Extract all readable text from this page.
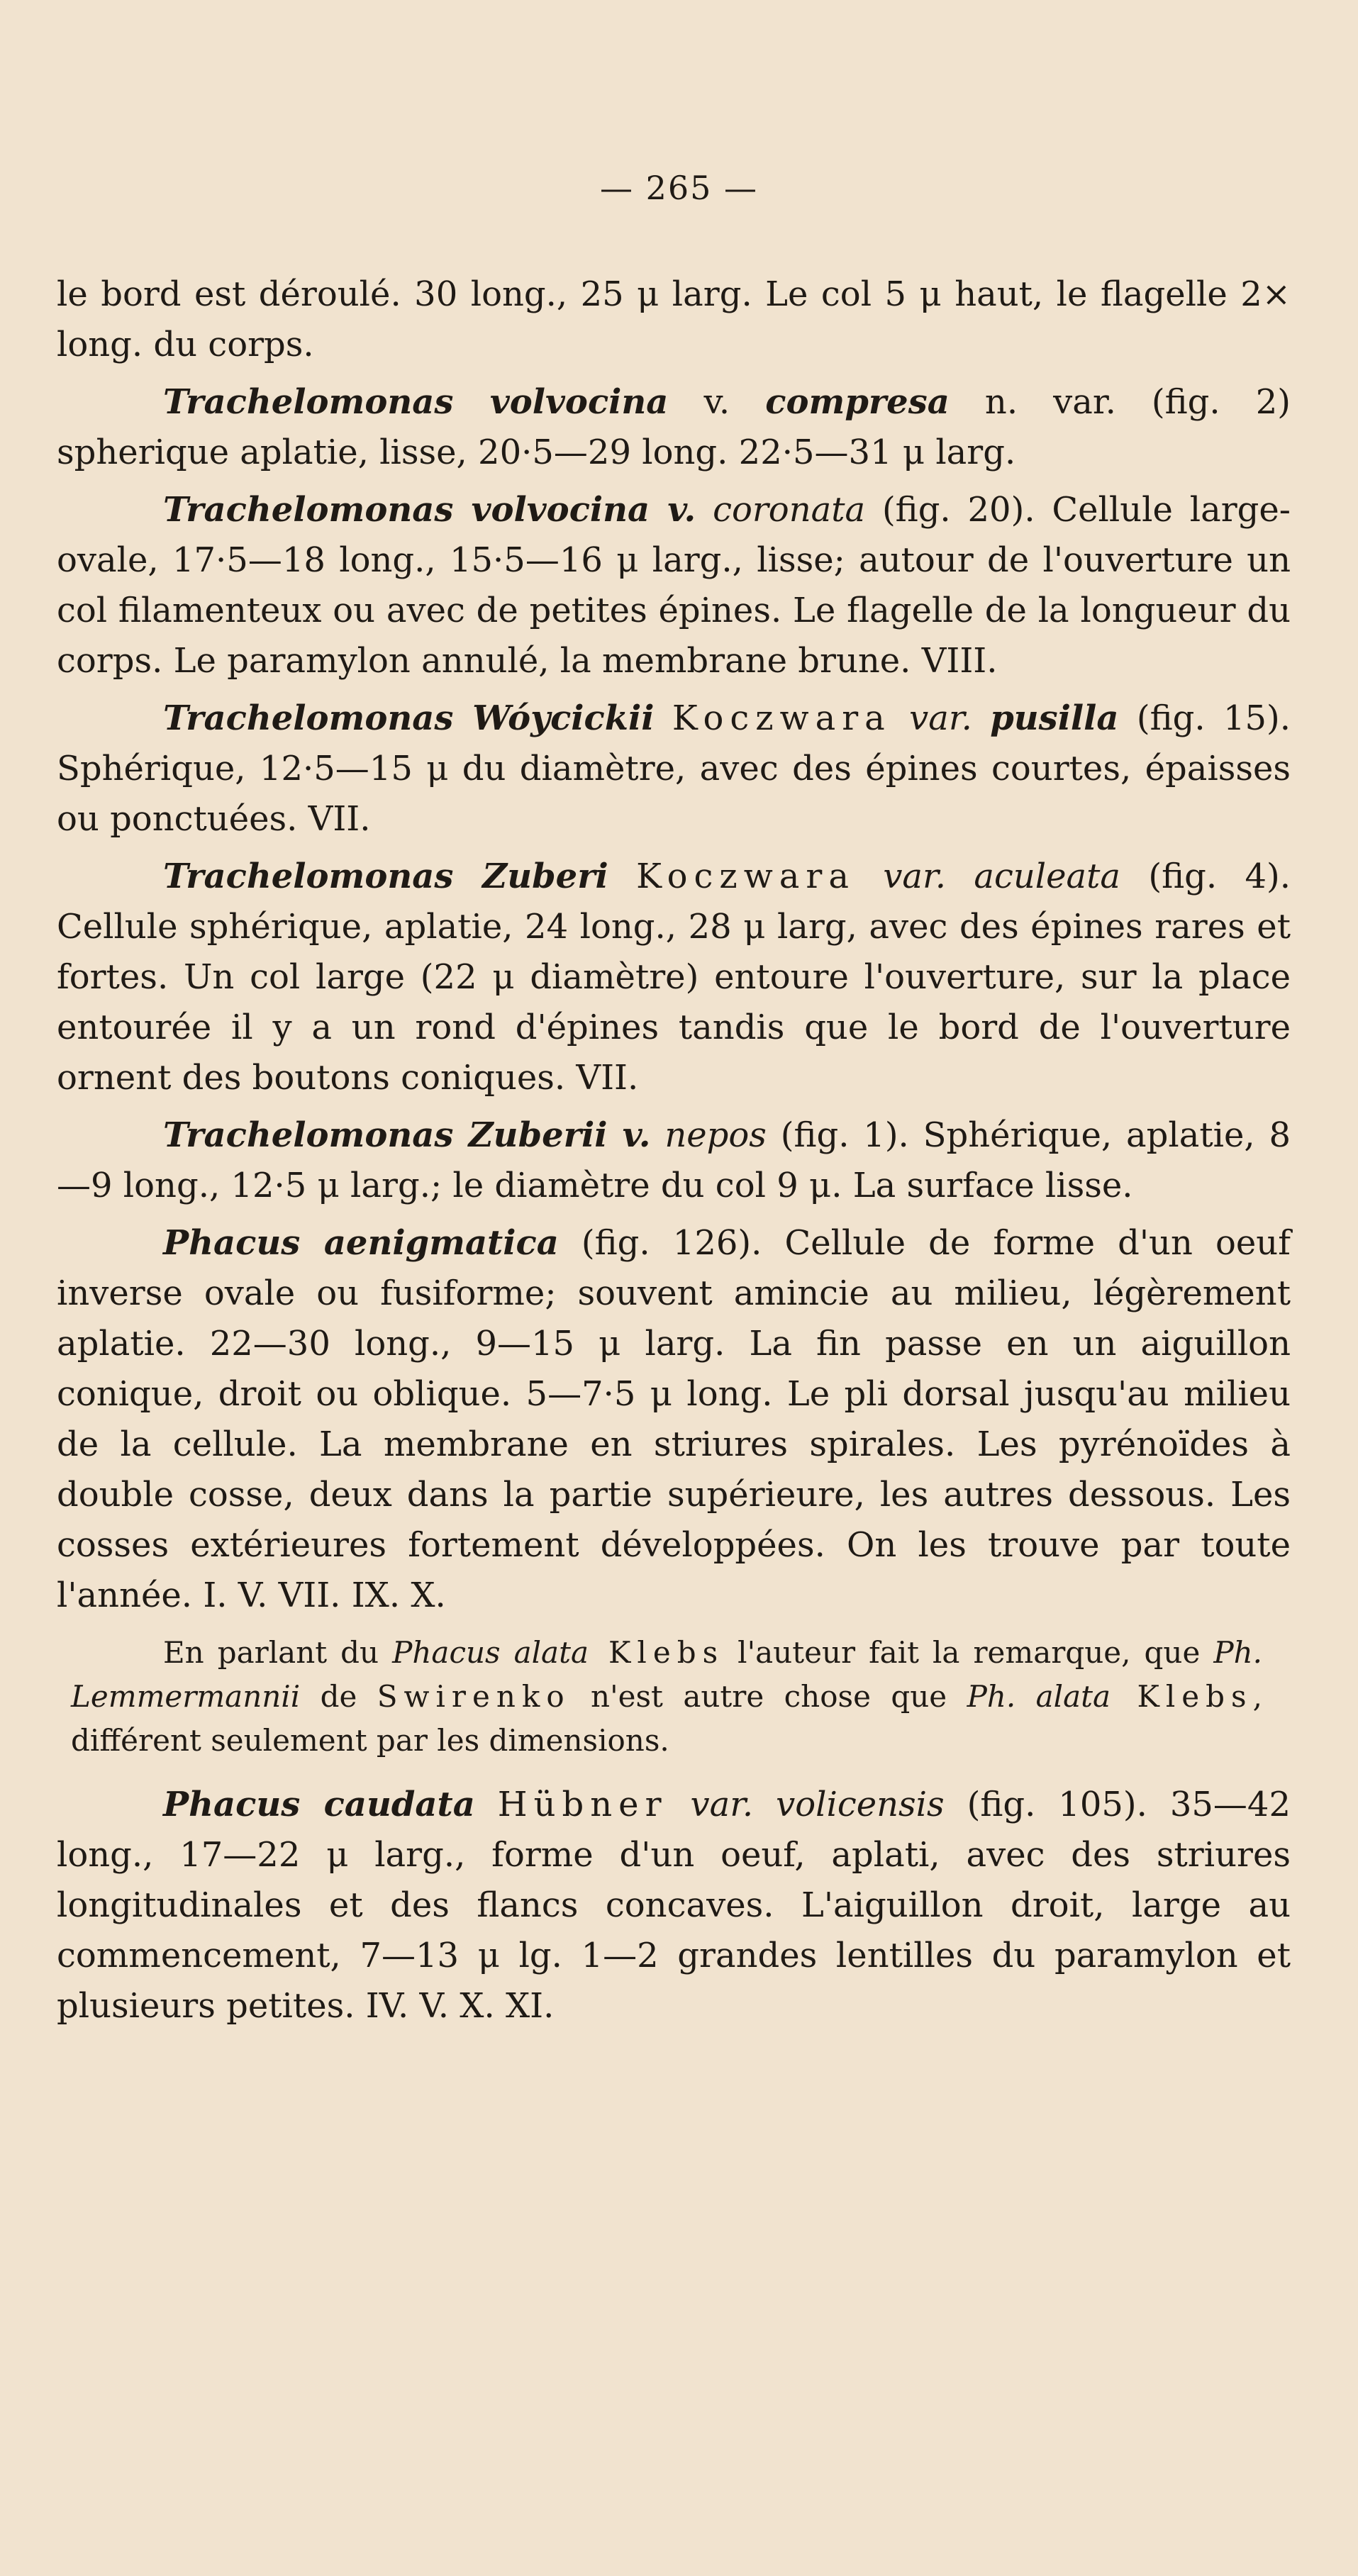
— 265 —

le bord est déroulé. 30 long., 25 μ larg. Le col 5 μ haut, le flagelle 2× long. du corps.

Trachelomonas volvocina v. compresa n. var. (fig. 2) spherique aplatie, lisse, 20·5—29 long. 22·5—31 μ larg.

Trachelomonas volvocina v. coronata (fig. 20). Cellule large-ovale, 17·5—18 long., 15·5—16 μ larg., lisse; autour de l'ouverture un col filamenteux ou avec de petites épines. Le flagelle de la longueur du corps. Le paramylon annulé, la membrane brune. VIII.

Trachelomonas Wóycickii Koczwara var. pusilla (fig. 15). Sphérique, 12·5—15 μ du diamètre, avec des épines courtes, épaisses ou ponctuées. VII.

Trachelomonas Zuberi Koczwara var. aculeata (fig. 4). Cellule sphérique, aplatie, 24 long., 28 μ larg, avec des épines rares et fortes. Un col large (22 μ diamètre) entoure l'ouverture, sur la place entourée il y a un rond d'épines tandis que le bord de l'ouverture ornent des boutons coniques. VII.

Trachelomonas Zuberii v. nepos (fig. 1). Sphérique, aplatie, 8—9 long., 12·5 μ larg.; le diamètre du col 9 μ. La surface lisse.

Phacus aenigmatica (fig. 126). Cellule de forme d'un oeuf inverse ovale ou fusiforme; souvent amincie au milieu, légèrement aplatie. 22—30 long., 9—15 μ larg. La fin passe en un aiguillon conique, droit ou oblique. 5—7·5 μ long. Le pli dorsal jusqu'au milieu de la cellule. La membrane en striures spirales. Les pyrénoïdes à double cosse, deux dans la partie supérieure, les autres dessous. Les cosses extérieures fortement développées. On les trouve par toute l'année. I. V. VII. IX. X.

En parlant du Phacus alata Klebs l'auteur fait la remarque, que Ph. Lemmermannii de Swirenko n'est autre chose que Ph. alata Klebs, différent seulement par les dimensions.

Phacus caudata Hübner var. volicensis (fig. 105). 35—42 long., 17—22 μ larg., forme d'un oeuf, aplati, avec des striures longitudinales et des flancs concaves. L'aiguillon droit, large au commencement, 7—13 μ lg. 1—2 grandes lentilles du paramylon et plusieurs petites. IV. V. X. XI.
